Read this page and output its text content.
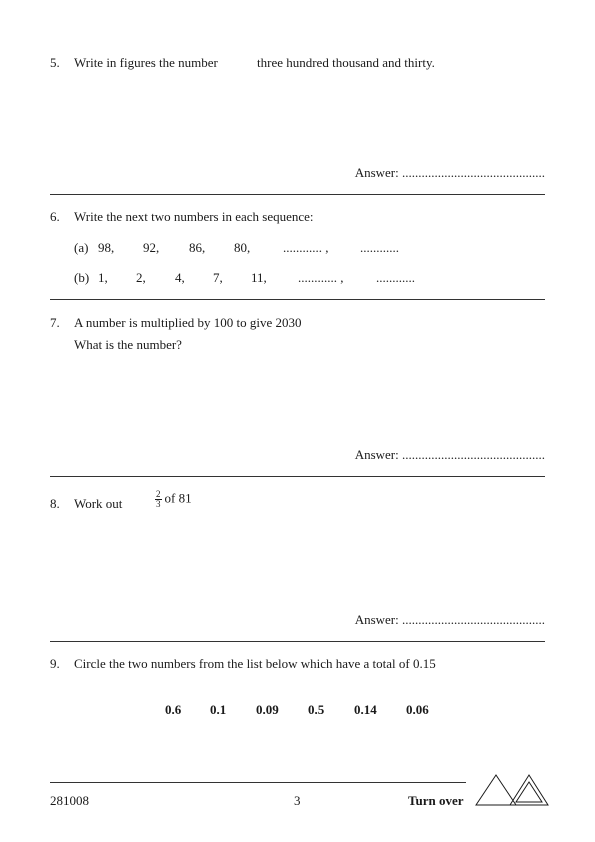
5. Write in figures the number	three hundred thousand and thirty.
Answer: ............................................
6. Write the next two numbers in each sequence:
(a) 98, 92, 86, 80,	............ , ............
(b) 1, 2, 4, 7, 11, ............ ,	............
7. A number is multiplied by 100 to give 2030
What is the number?
Answer: ............................................
8. Work out	$\frac{2}{3}$ of 81
Answer: ............................................
9. Circle the two numbers from the list below which have a total of 0.15
0.6 0.1 0.09 0.5 0.14 0.06
281008	3	Turn over
